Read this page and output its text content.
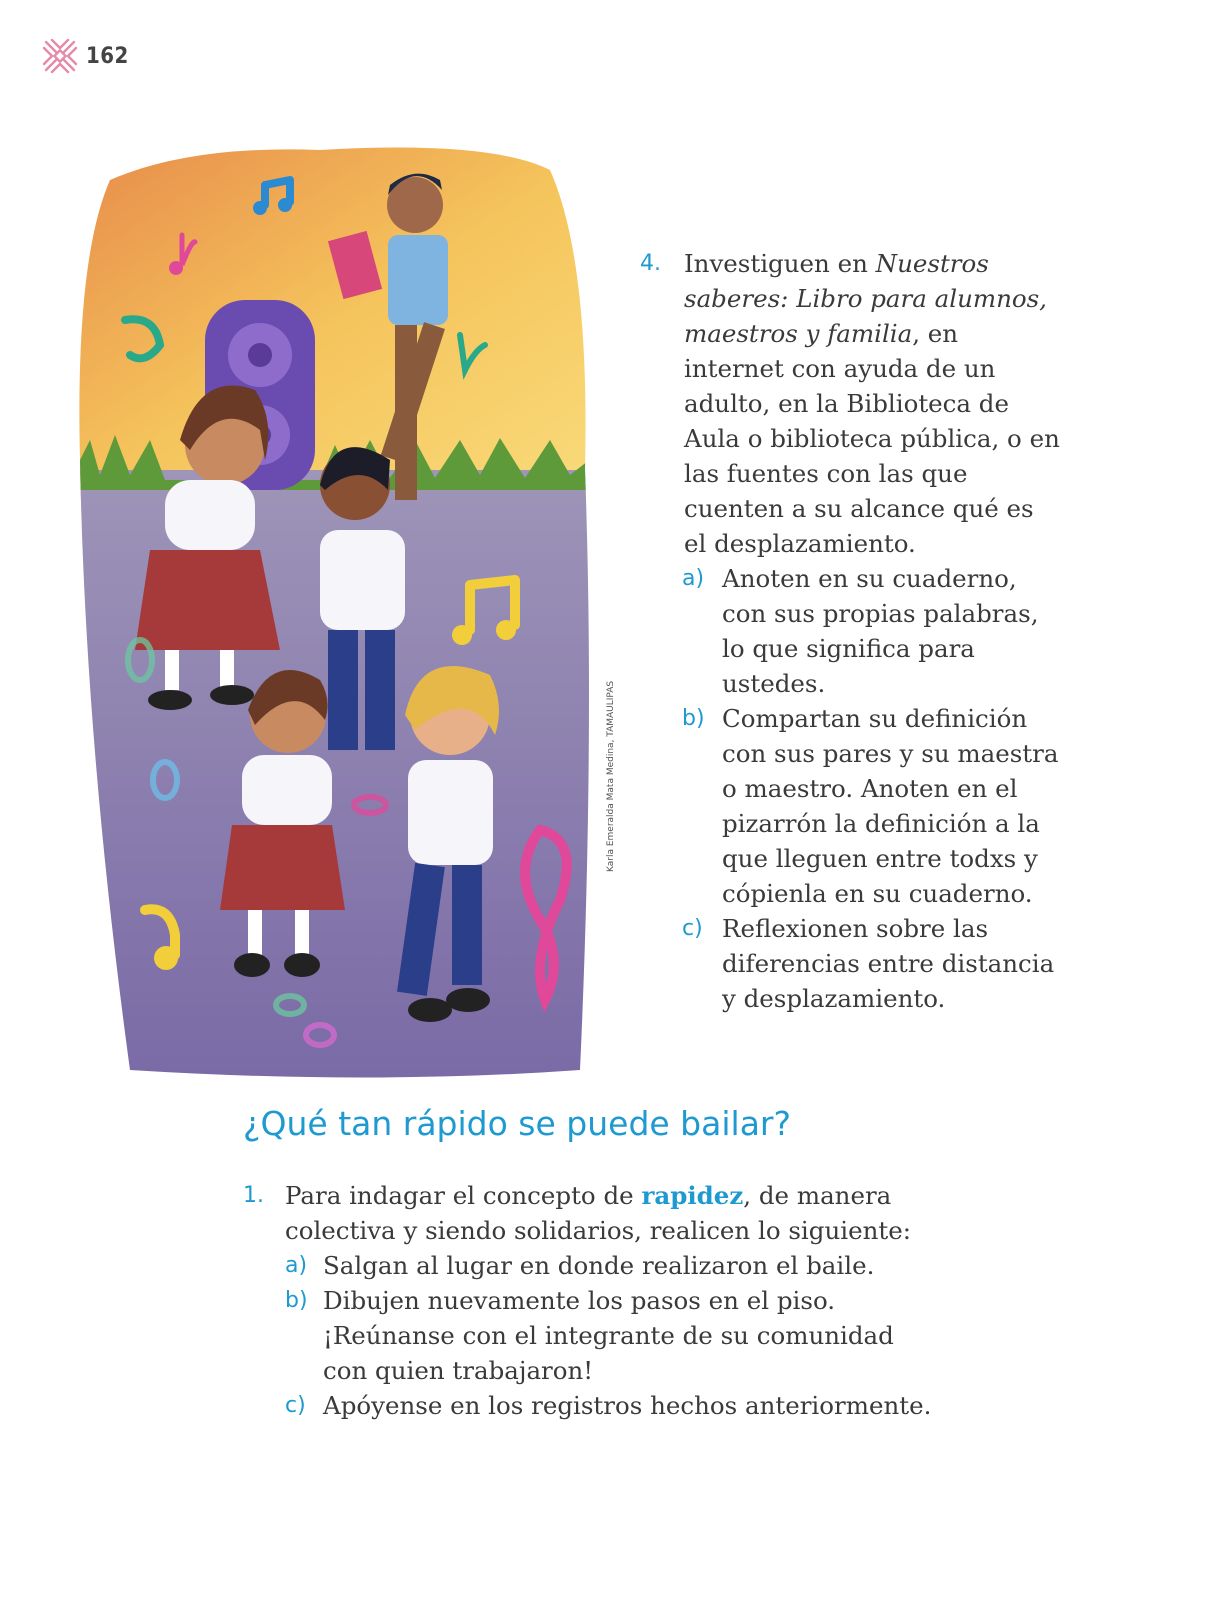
162
Karla Emeralda Mata Medina, TAMAULIPAS
4. Investiguen en Nuestros saberes: Libro para alumnos, maestros y familia, en internet con ayuda de un adulto, en la Biblioteca de Aula o biblioteca pública, o en las fuentes con las que cuenten a su alcance qué es el desplazamiento.
a) Anoten en su cuaderno, con sus propias palabras, lo que significa para ustedes.
b) Compartan su definición con sus pares y su maestra o maestro. Anoten en el pizarrón la definición a la que lleguen entre todxs y cópienla en su cuaderno.
c) Reflexionen sobre las diferencias entre distancia y desplazamiento.
¿Qué tan rápido se puede bailar?
1. Para indagar el concepto de rapidez, de manera colectiva y siendo solidarios, realicen lo siguiente:
a) Salgan al lugar en donde realizaron el baile.
b) Dibujen nuevamente los pasos en el piso. ¡Reúnanse con el integrante de su comunidad con quien trabajaron!
c) Apóyense en los registros hechos anteriormente.
